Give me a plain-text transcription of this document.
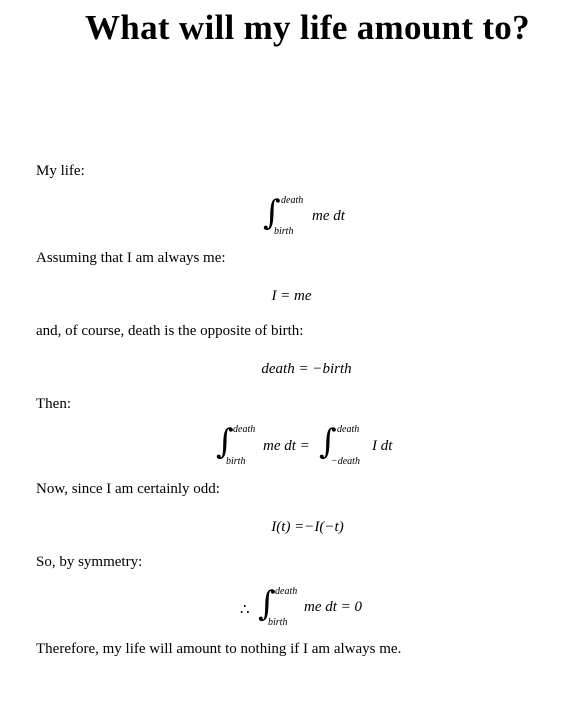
What will my life amount to?
My life:
∫ death
birth
me dt
Assuming that I am always me:
I = me
and, of course, death is the opposite of birth:
death = −birth
Then:
∫ death
birth
me dt = ∫ death
−death
I dt
Now, since I am certainly odd:
I(t) =−I(−t)
So, by symmetry:
∴ ∫ death
birth
me dt = 0
Therefore, my life will amount to nothing if I am always me.
